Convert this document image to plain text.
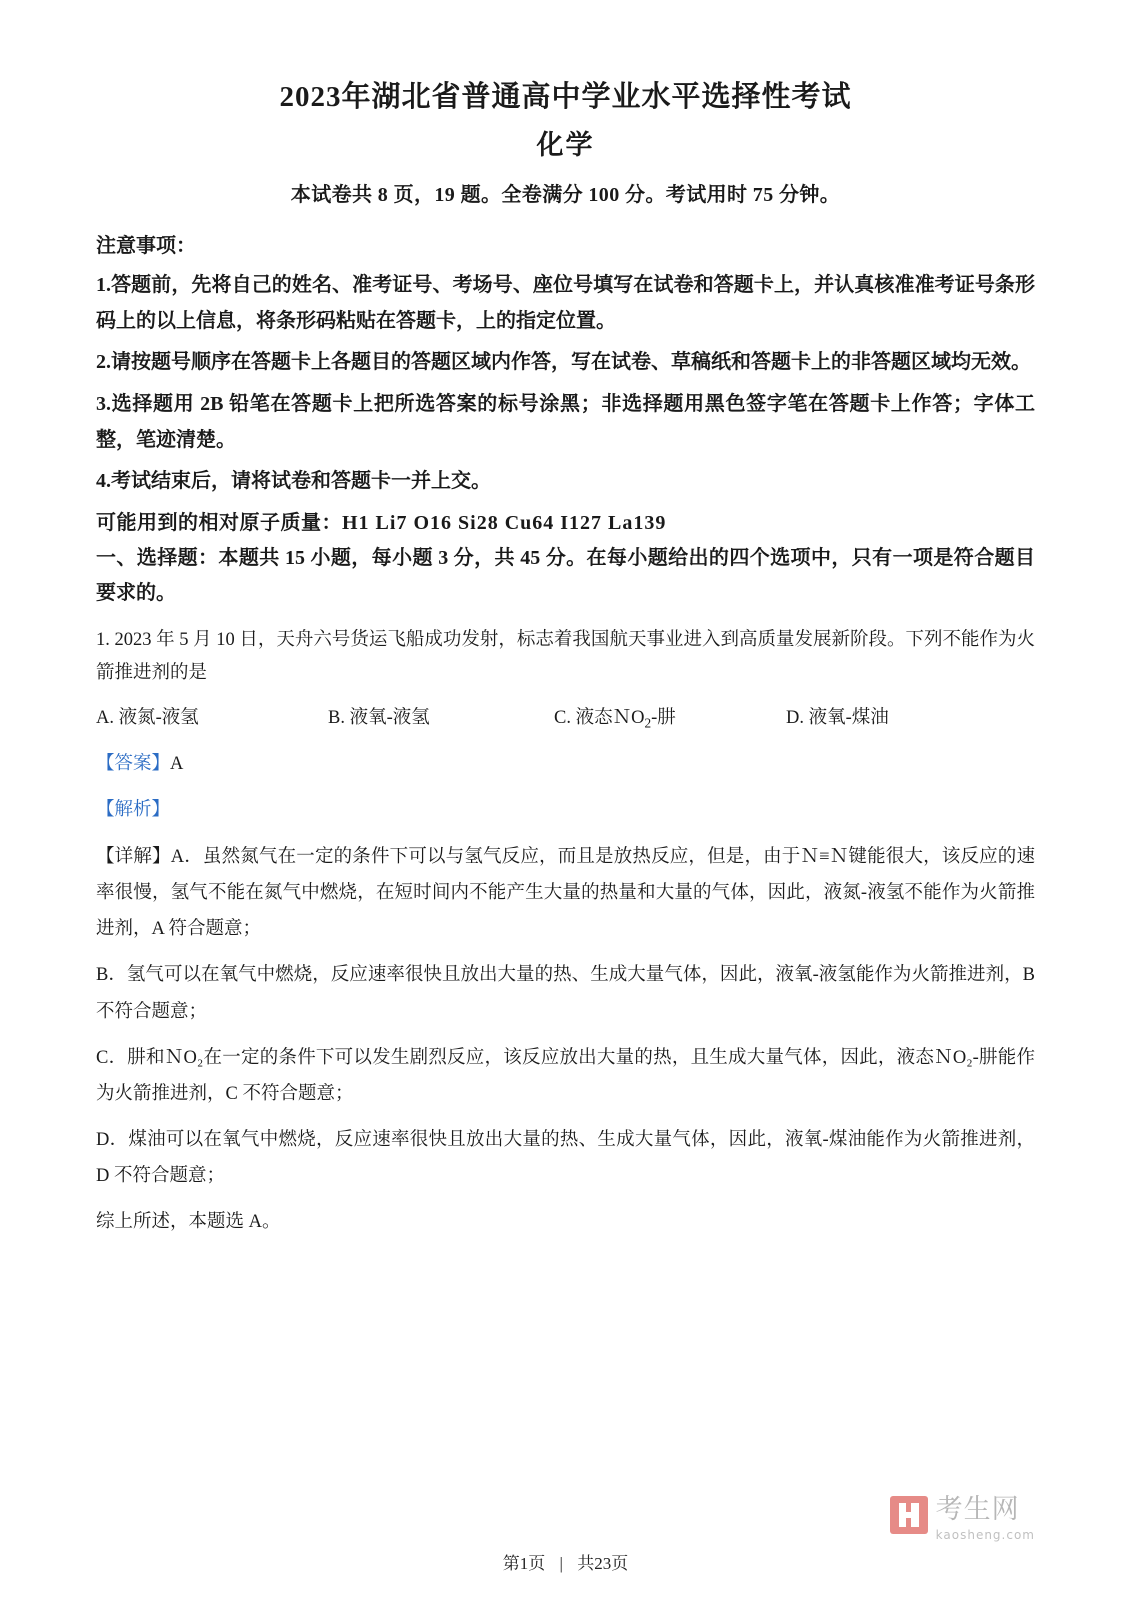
2023年湖北省普通高中学业水平选择性考试
化学
本试卷共 8 页，19 题。全卷满分 100 分。考试用时 75 分钟。
注意事项：

1.答题前，先将自己的姓名、准考证号、考场号、座位号填写在试卷和答题卡上，并认真核准准考证号条形码上的以上信息，将条形码粘贴在答题卡，上的指定位置。

2.请按题号顺序在答题卡上各题目的答题区域内作答，写在试卷、草稿纸和答题卡上的非答题区域均无效。

3.选择题用 2B 铅笔在答题卡上把所选答案的标号涂黑；非选择题用黑色签字笔在答题卡上作答；字体工整，笔迹清楚。

4.考试结束后，请将试卷和答题卡一并上交。

可能用到的相对原子质量：H1 Li7 O16 Si28 Cu64 I127 La139
一、选择题：本题共 15 小题，每小题 3 分，共 45 分。在每小题给出的四个选项中，只有一项是符合题目要求的。

1. 2023 年 5 月 10 日，天舟六号货运飞船成功发射，标志着我国航天事业进入到高质量发展新阶段。下列不能作为火箭推进剂的是

A. 液氮-液氢	B. 液氧-液氢	C. 液态ＮО$_2$-肼	D. 液氧-煤油
【答案】A
【解析】

【详解】A．虽然氮气在一定的条件下可以与氢气反应，而且是放热反应，但是，由于Ｎ≡Ｎ键能很大，该反应的速率很慢，氢气不能在氮气中燃烧，在短时间内不能产生大量的热量和大量的气体，因此，液氮-液氢不能作为火箭推进剂，A 符合题意；

B．氢气可以在氧气中燃烧，反应速率很快且放出大量的热、生成大量气体，因此，液氧-液氢能作为火箭推进剂，B 不符合题意；

C．肼和ＮО₂在一定的条件下可以发生剧烈反应，该反应放出大量的热，且生成大量气体，因此，液态ＮО₂-肼能作为火箭推进剂，C 不符合题意；

D．煤油可以在氧气中燃烧，反应速率很快且放出大量的热、生成大量气体，因此，液氧-煤油能作为火箭推进剂，D 不符合题意；

综上所述，本题选 A。

考生网
kaosheng.com
第1页 | 共23页
